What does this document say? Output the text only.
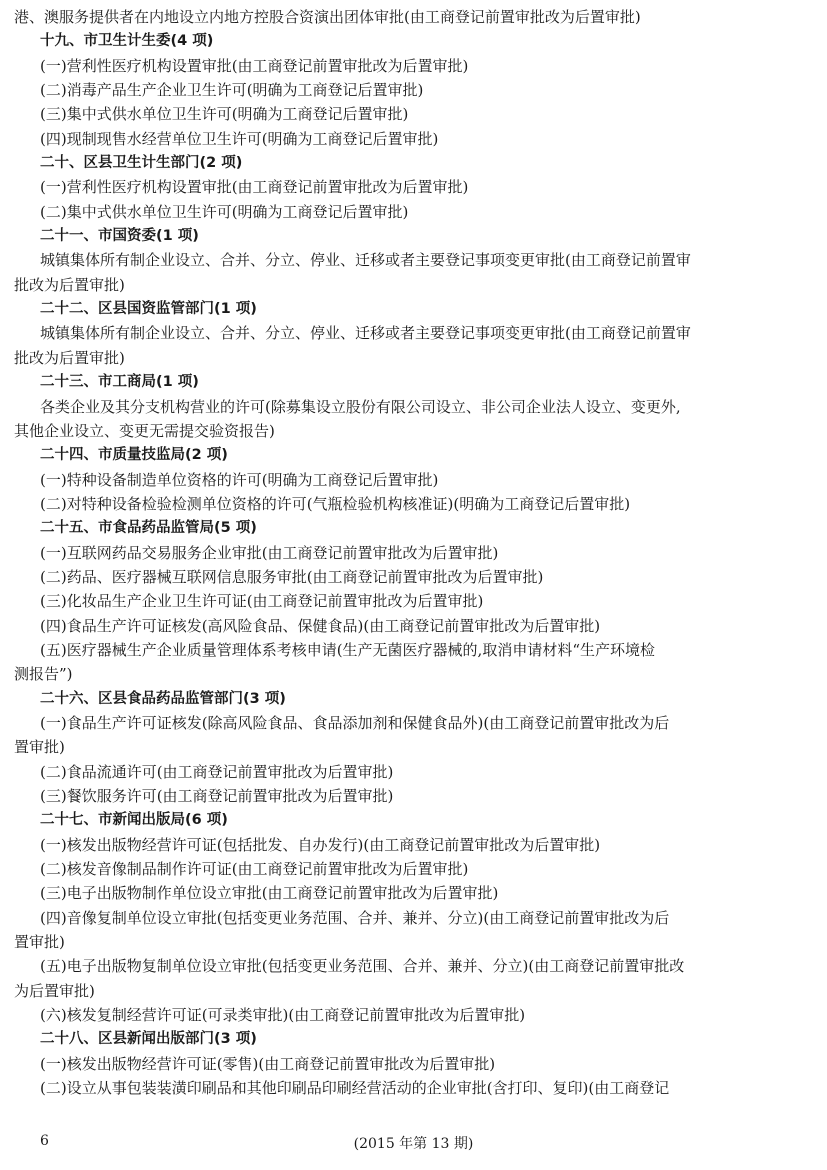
港、澳服务提供者在内地设立内地方控股合资演出团体审批(由工商登记前置审批改为后置审批)
十九、市卫生计生委(4 项)
(一)营利性医疗机构设置审批(由工商登记前置审批改为后置审批)
(二)消毒产品生产企业卫生许可(明确为工商登记后置审批)
(三)集中式供水单位卫生许可(明确为工商登记后置审批)
(四)现制现售水经营单位卫生许可(明确为工商登记后置审批)
二十、区县卫生计生部门(2 项)
(一)营利性医疗机构设置审批(由工商登记前置审批改为后置审批)
(二)集中式供水单位卫生许可(明确为工商登记后置审批)
二十一、市国资委(1 项)
城镇集体所有制企业设立、合并、分立、停业、迁移或者主要登记事项变更审批(由工商登记前置审
批改为后置审批)
二十二、区县国资监管部门(1 项)
城镇集体所有制企业设立、合并、分立、停业、迁移或者主要登记事项变更审批(由工商登记前置审
批改为后置审批)
二十三、市工商局(1 项)
各类企业及其分支机构营业的许可(除募集设立股份有限公司设立、非公司企业法人设立、变更外,
其他企业设立、变更无需提交验资报告)
二十四、市质量技监局(2 项)
(一)特种设备制造单位资格的许可(明确为工商登记后置审批)
(二)对特种设备检验检测单位资格的许可(气瓶检验机构核准证)(明确为工商登记后置审批)
二十五、市食品药品监管局(5 项)
(一)互联网药品交易服务企业审批(由工商登记前置审批改为后置审批)
(二)药品、医疗器械互联网信息服务审批(由工商登记前置审批改为后置审批)
(三)化妆品生产企业卫生许可证(由工商登记前置审批改为后置审批)
(四)食品生产许可证核发(高风险食品、保健食品)(由工商登记前置审批改为后置审批)
(五)医疗器械生产企业质量管理体系考核申请(生产无菌医疗器械的,取消申请材料“生产环境检
测报告”)
二十六、区县食品药品监管部门(3 项)
(一)食品生产许可证核发(除高风险食品、食品添加剂和保健食品外)(由工商登记前置审批改为后
置审批)
(二)食品流通许可(由工商登记前置审批改为后置审批)
(三)餐饮服务许可(由工商登记前置审批改为后置审批)
二十七、市新闻出版局(6 项)
(一)核发出版物经营许可证(包括批发、自办发行)(由工商登记前置审批改为后置审批)
(二)核发音像制品制作许可证(由工商登记前置审批改为后置审批)
(三)电子出版物制作单位设立审批(由工商登记前置审批改为后置审批)
(四)音像复制单位设立审批(包括变更业务范围、合并、兼并、分立)(由工商登记前置审批改为后
置审批)
(五)电子出版物复制单位设立审批(包括变更业务范围、合并、兼并、分立)(由工商登记前置审批改
为后置审批)
(六)核发复制经营许可证(可录类审批)(由工商登记前置审批改为后置审批)
二十八、区县新闻出版部门(3 项)
(一)核发出版物经营许可证(零售)(由工商登记前置审批改为后置审批)
(二)设立从事包装装潢印刷品和其他印刷品印刷经营活动的企业审批(含打印、复印)(由工商登记
6	(2015 年第 13 期)
